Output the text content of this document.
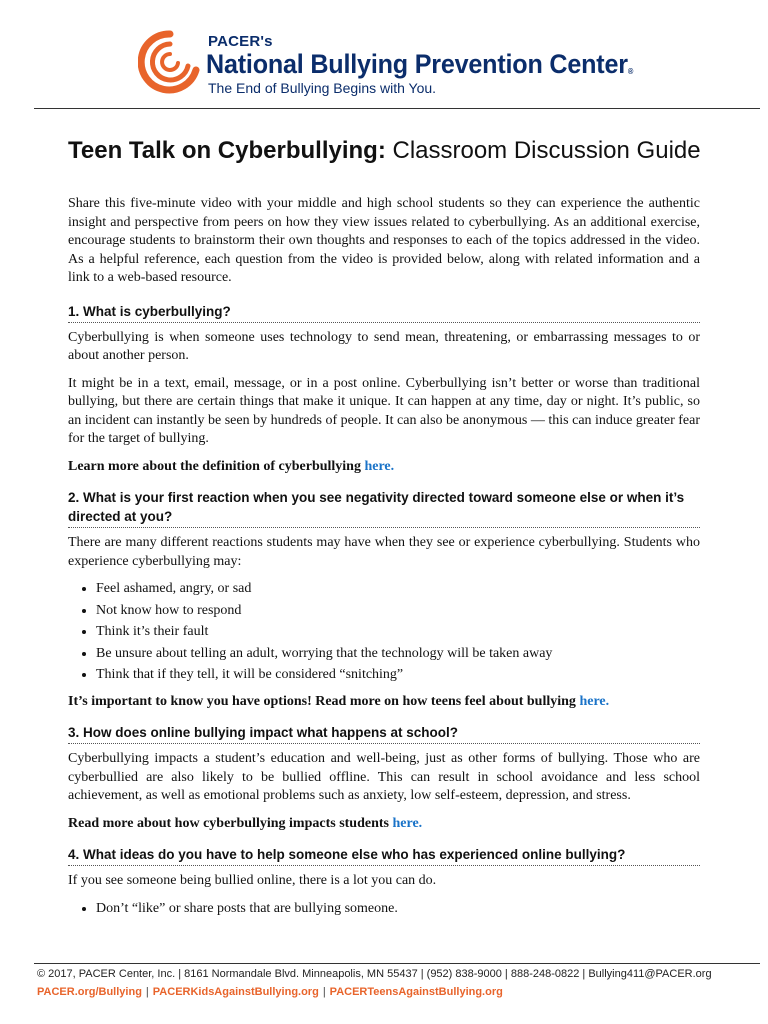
PACER's
National Bullying Prevention Center®
The End of Bullying Begins with You.
Teen Talk on Cyberbullying: Classroom Discussion Guide

Share this five-minute video with your middle and high school students so they can experience the authentic insight and perspective from peers on how they view issues related to cyberbullying. As an additional exercise, encourage students to brainstorm their own thoughts and responses to each of the topics addressed in the video. As a helpful reference, each question from the video is provided below, along with related information and a link to a web-based resource.

1. What is cyberbullying?

Cyberbullying is when someone uses technology to send mean, threatening, or embarrassing messages to or about another person.

It might be in a text, email, message, or in a post online. Cyberbullying isn’t better or worse than traditional bullying, but there are certain things that make it unique. It can happen at any time, day or night. It’s public, so an incident can instantly be seen by hundreds of people. It can also be anonymous — this can induce greater fear for the target of bullying.

Learn more about the definition of cyberbullying here.

2. What is your first reaction when you see negativity directed toward someone else or when it’s directed at you?

There are many different reactions students may have when they see or experience cyberbullying. Students who experience cyberbullying may:

• Feel ashamed, angry, or sad
• Not know how to respond
• Think it’s their fault
• Be unsure about telling an adult, worrying that the technology will be taken away
• Think that if they tell, it will be considered “snitching”

It’s important to know you have options! Read more on how teens feel about bullying here.

3. How does online bullying impact what happens at school?

Cyberbullying impacts a student’s education and well-being, just as other forms of bullying. Those who are cyberbullied are also likely to be bullied offline. This can result in school avoidance and less school achievement, as well as emotional problems such as anxiety, low self-esteem, depression, and stress.

Read more about how cyberbullying impacts students here.

4. What ideas do you have to help someone else who has experienced online bullying?

If you see someone being bullied online, there is a lot you can do.

• Don’t “like” or share posts that are bullying someone.
© 2017, PACER Center, Inc. | 8161 Normandale Blvd. Minneapolis, MN 55437 | (952) 838-9000 | 888-248-0822 | Bullying411@PACER.org
PACER.org/Bullying | PACERKidsAgainstBullying.org | PACERTeensAgainstBullying.org
